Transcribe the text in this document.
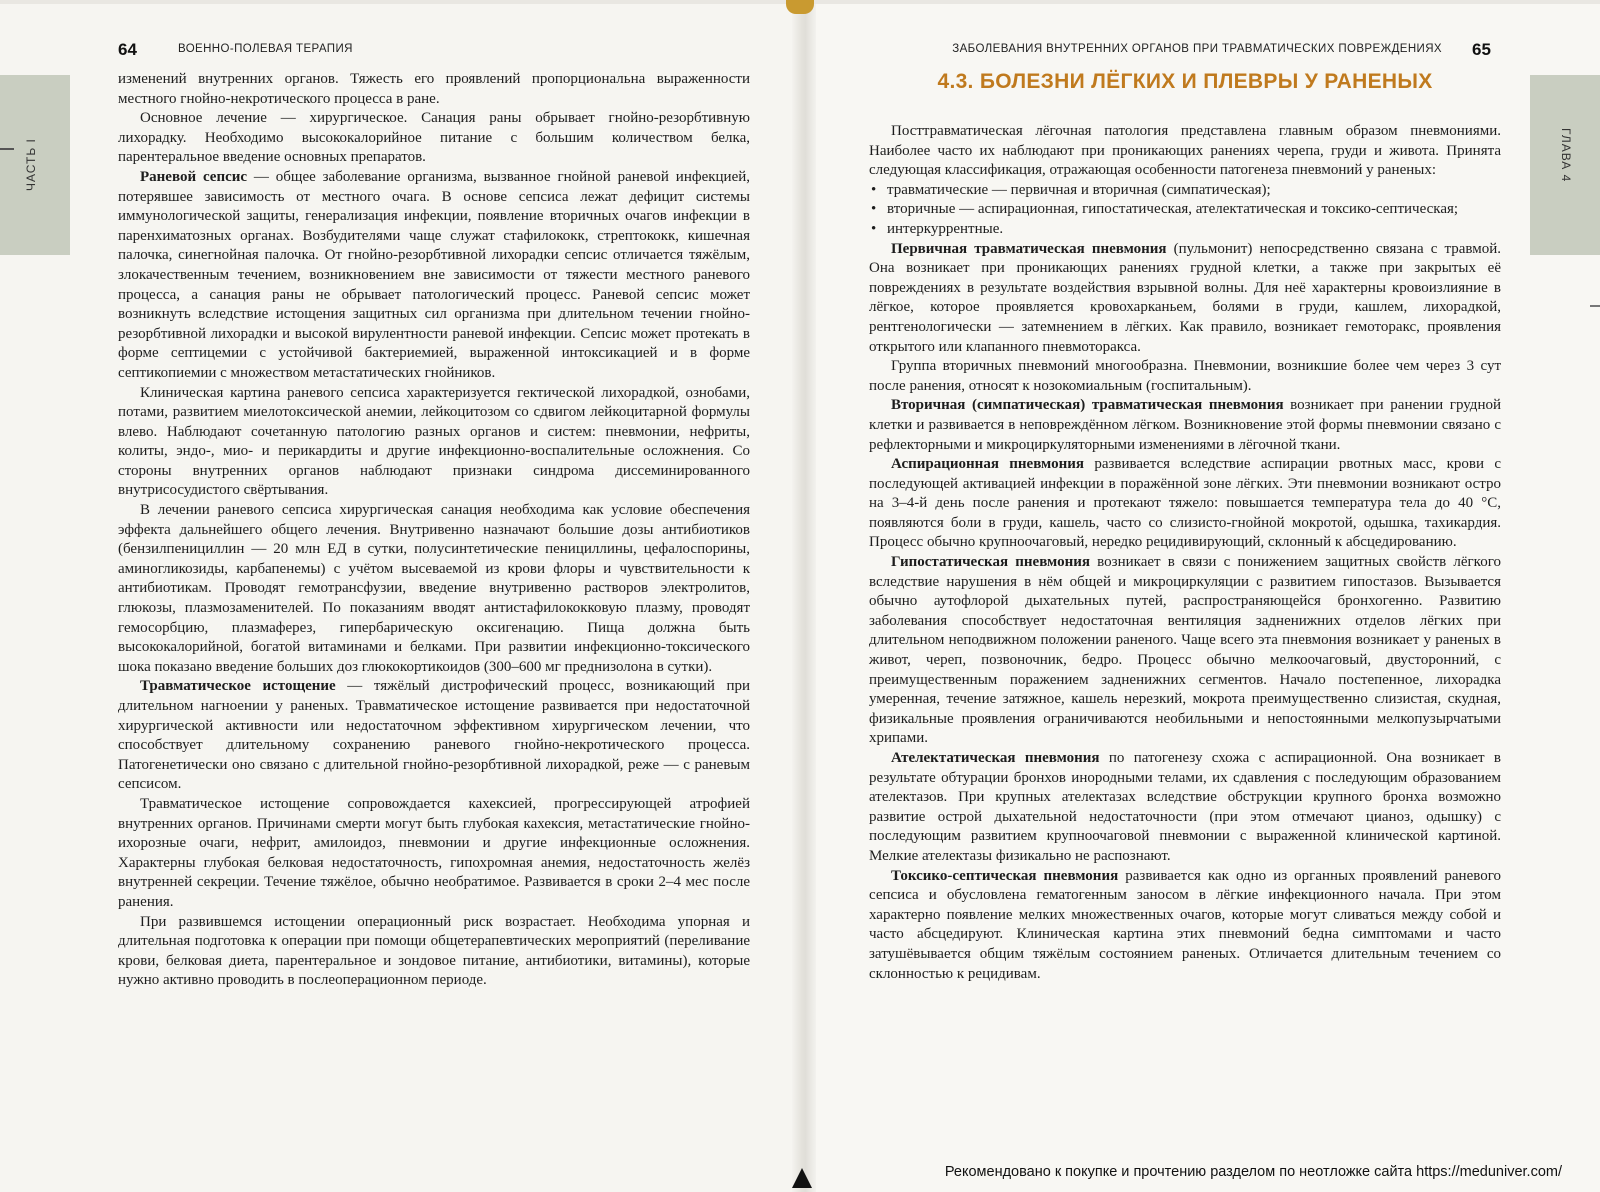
ЧАСТЬ I	ГЛАВА 4
64	ВОЕННО-ПОЛЕВАЯ ТЕРАПИЯ	ЗАБОЛЕВАНИЯ ВНУТРЕННИХ ОРГАНОВ ПРИ ТРАВМАТИЧЕСКИХ ПОВРЕЖДЕНИЯХ 65

изменений внутренних органов. Тяжесть его проявлений пропорциональна выраженности местного гнойно-некротического процесса в ране.

Основное лечение — хирургическое. Санация раны обрывает гнойно-резорбтивную лихорадку. Необходимо высококалорийное питание с большим количеством белка, парентеральное введение основных препаратов.

Раневой сепсис — общее заболевание организма, вызванное гнойной раневой инфекцией, потерявшее зависимость от местного очага. В основе сепсиса лежат дефицит системы иммунологической защиты, генерализация инфекции, появление вторичных очагов инфекции в паренхиматозных органах. Возбудителями чаще служат стафилококк, стрептококк, кишечная палочка, синегнойная палочка. От гнойно-резорбтивной лихорадки сепсис отличается тяжёлым, злокачественным течением, возникновением вне зависимости от тяжести местного раневого процесса, а санация раны не обрывает патологический процесс. Раневой сепсис может возникнуть вследствие истощения защитных сил организма при длительном течении гнойно-резорбтивной лихорадки и высокой вирулентности раневой инфекции. Сепсис может протекать в форме септицемии с устойчивой бактериемией, выраженной интоксикацией и в форме септикопиемии с множеством метастатических гнойников.

Клиническая картина раневого сепсиса характеризуется гектической лихорадкой, ознобами, потами, развитием миелотоксической анемии, лейкоцитозом со сдвигом лейкоцитарной формулы влево. Наблюдают сочетанную патологию разных органов и систем: пневмонии, нефриты, колиты, эндо-, мио- и перикардиты и другие инфекционно-воспалительные осложнения. Со стороны внутренних органов наблюдают признаки синдрома диссеминированного внутрисосудистого свёртывания.

В лечении раневого сепсиса хирургическая санация необходима как условие обеспечения эффекта дальнейшего общего лечения. Внутривенно назначают большие дозы антибиотиков (бензилпенициллин — 20 млн ЕД в сутки, полусинтетические пенициллины, цефалоспорины, аминогликозиды, карбапенемы) с учётом высеваемой из крови флоры и чувствительности к антибиотикам. Проводят гемотрансфузии, введение внутривенно растворов электролитов, глюкозы, плазмозаменителей. По показаниям вводят антистафилококковую плазму, проводят гемосорбцию, плазмаферез, гипербарическую оксигенацию. Пища должна быть высококалорийной, богатой витаминами и белками. При развитии инфекционно-токсического шока показано введение больших доз глюкокортикоидов (300–600 мг преднизолона в сутки).

Травматическое истощение — тяжёлый дистрофический процесс, возникающий при длительном нагноении у раненых. Травматическое истощение развивается при недостаточной хирургической активности или недостаточном эффективном хирургическом лечении, что способствует длительному сохранению раневого гнойно-некротического процесса. Патогенетически оно связано с длительной гнойно-резорбтивной лихорадкой, реже — с раневым сепсисом.

Травматическое истощение сопровождается кахексией, прогрессирующей атрофией внутренних органов. Причинами смерти могут быть глубокая кахексия, метастатические гнойно-ихорозные очаги, нефрит, амилоидоз, пневмонии и другие инфекционные осложнения. Характерны глубокая белковая недостаточность, гипохромная анемия, недостаточность желёз внутренней секреции. Течение тяжёлое, обычно необратимое. Развивается в сроки 2–4 мес после ранения.

При развившемся истощении операционный риск возрастает. Необходима упорная и длительная подготовка к операции при помощи общетерапевтических мероприятий (переливание крови, белковая диета, парентеральное и зондовое питание, антибиотики, витамины), которые нужно активно проводить в послеоперационном периоде.

4.3. БОЛЕЗНИ ЛЁГКИХ И ПЛЕВРЫ У РАНЕНЫХ

Посттравматическая лёгочная патология представлена главным образом пневмониями. Наиболее часто их наблюдают при проникающих ранениях черепа, груди и живота. Принята следующая классификация, отражающая особенности патогенеза пневмоний у раненых:

• травматические — первичная и вторичная (симпатическая);
• вторичные — аспирационная, гипостатическая, ателектатическая и токсико-септическая;
• интеркуррентные.

Первичная травматическая пневмония (пульмонит) непосредственно связана с травмой. Она возникает при проникающих ранениях грудной клетки, а также при закрытых её повреждениях в результате воздействия взрывной волны. Для неё характерны кровоизлияние в лёгкое, которое проявляется кровохарканьем, болями в груди, кашлем, лихорадкой, рентгенологически — затемнением в лёгких. Как правило, возникает гемоторакс, проявления открытого или клапанного пневмоторакса.

Группа вторичных пневмоний многообразна. Пневмонии, возникшие более чем через 3 сут после ранения, относят к нозокомиальным (госпитальным).

Вторичная (симпатическая) травматическая пневмония возникает при ранении грудной клетки и развивается в неповреждённом лёгком. Возникновение этой формы пневмонии связано с рефлекторными и микроциркуляторными изменениями в лёгочной ткани.

Аспирационная пневмония развивается вследствие аспирации рвотных масс, крови с последующей активацией инфекции в поражённой зоне лёгких. Эти пневмонии возникают остро на 3–4-й день после ранения и протекают тяжело: повышается температура тела до 40 °С, появляются боли в груди, кашель, часто со слизисто-гнойной мокротой, одышка, тахикардия. Процесс обычно крупноочаговый, нередко рецидивирующий, склонный к абсцедированию.

Гипостатическая пневмония возникает в связи с понижением защитных свойств лёгкого вследствие нарушения в нём общей и микроциркуляции с развитием гипостазов. Вызывается обычно аутофлорой дыхательных путей, распространяющейся бронхогенно. Развитию заболевания способствует недостаточная вентиляция задненижних отделов лёгких при длительном неподвижном положении раненого. Чаще всего эта пневмония возникает у раненых в живот, череп, позвоночник, бедро. Процесс обычно мелкоочаговый, двусторонний, с преимущественным поражением задненижних сегментов. Начало постепенное, лихорадка умеренная, течение затяжное, кашель нерезкий, мокрота преимущественно слизистая, скудная, физикальные проявления ограничиваются необильными и непостоянными мелкопузырчатыми хрипами.

Ателектатическая пневмония по патогенезу схожа с аспирационной. Она возникает в результате обтурации бронхов инородными телами, их сдавления с последующим образованием ателектазов. При крупных ателектазах вследствие обструкции крупного бронха возможно развитие острой дыхательной недостаточности (при этом отмечают цианоз, одышку) с последующим развитием крупноочаговой пневмонии с выраженной клинической картиной. Мелкие ателектазы физикально не распознают.

Токсико-септическая пневмония развивается как одно из органных проявлений раневого сепсиса и обусловлена гематогенным заносом в лёгкие инфекционного начала. При этом характерно появление мелких множественных очагов, которые могут сливаться между собой и часто абсцедируют. Клиническая картина этих пневмоний бедна симптомами и часто затушёвывается общим тяжёлым состоянием раненых. Отличается длительным течением со склонностью к рецидивам.

Рекомендовано к покупке и прочтению разделом по неотложке сайта https://meduniver.com/
